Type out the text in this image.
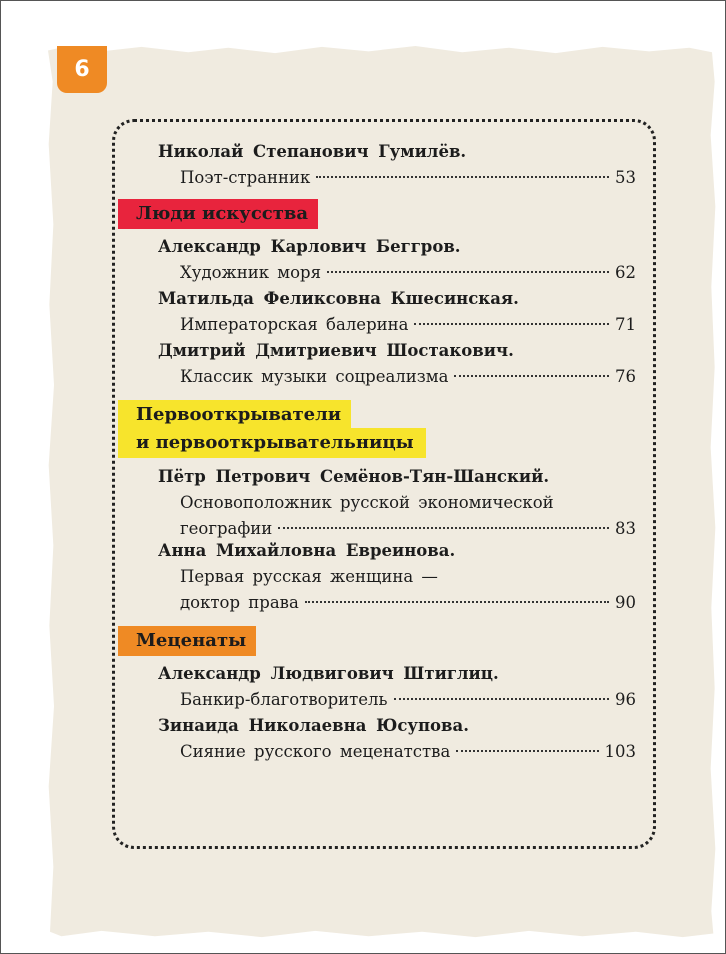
6
Николай Степанович Гумилёв.
Поэт-странник	53
Люди искусства
Александр Карлович Беггров.
Художник моря	62
Матильда Феликсовна Кшесинская.
Императорская балерина	71
Дмитрий Дмитриевич Шостакович.
Классик музыки соцреализма	76
Первооткрыватели
и первооткрывательницы
Пётр Петрович Семёнов-Тян-Шанский.
Основоположник русской экономической
географии	83
Анна Михайловна Евреинова.
Первая русская женщина —
доктор права	90
Меценаты
Александр Людвигович Штиглиц.
Банкир-благотворитель	96
Зинаида Николаевна Юсупова.
Сияние русского меценатства	103
